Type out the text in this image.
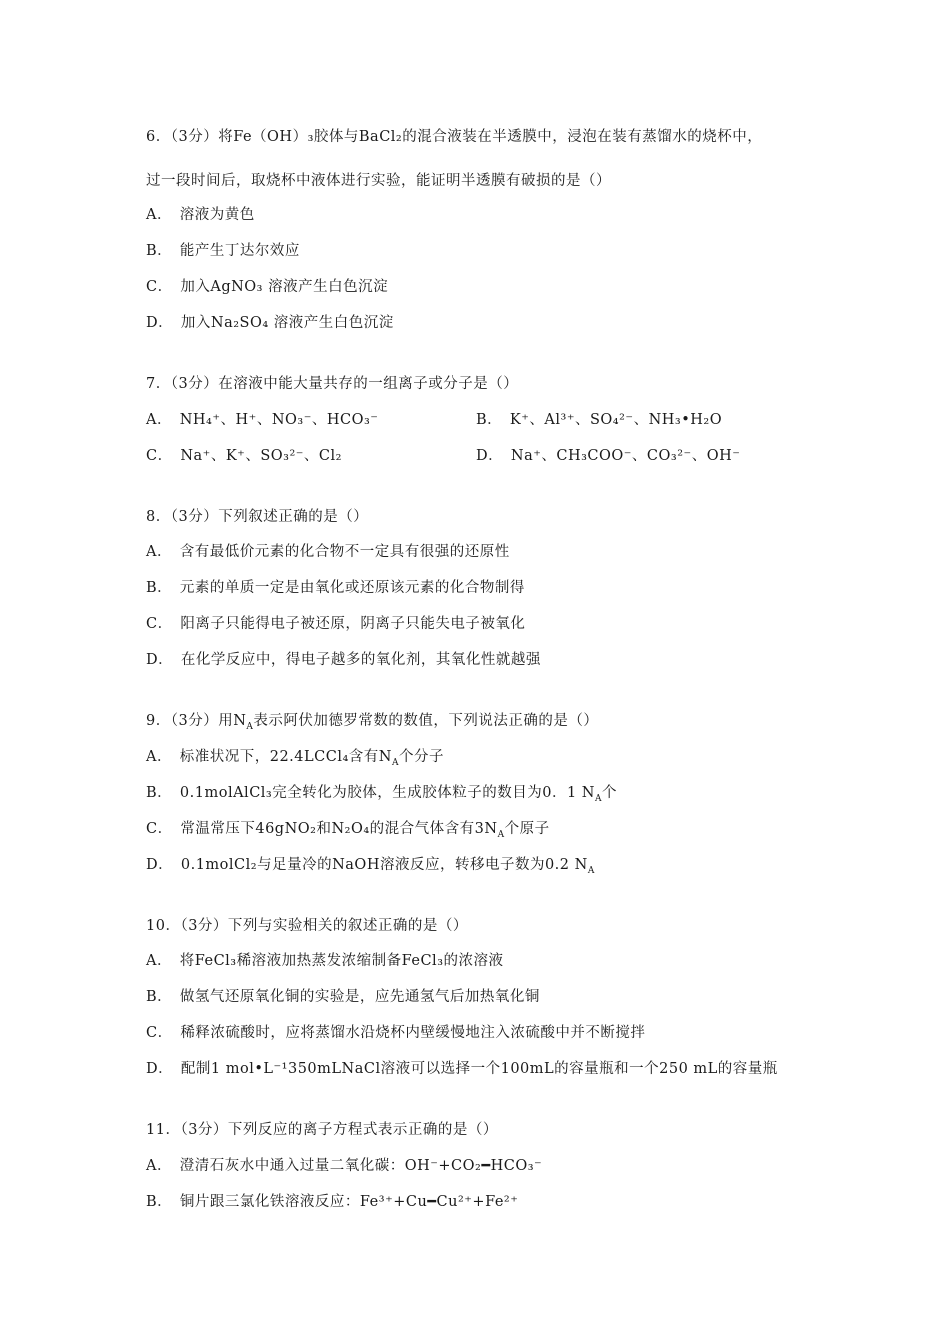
6．（3分）将Fe（OH）₃胶体与BaCl₂的混合液装在半透膜中，浸泡在装有蒸馏水的烧杯中，
过一段时间后，取烧杯中液体进行实验，能证明半透膜有破损的是（）
A．　溶液为黄色
B．　能产生丁达尔效应
C．　加入AgNO₃ 溶液产生白色沉淀
D．　加入Na₂SO₄ 溶液产生白色沉淀
7．（3分）在溶液中能大量共存的一组离子或分子是（）
A．　NH₄⁺、H⁺、NO₃⁻、HCO₃⁻	B．　K⁺、Al³⁺、SO₄²⁻、NH₃•H₂O
C．　Na⁺、K⁺、SO₃²⁻、Cl₂	D．　Na⁺、CH₃COO⁻、CO₃²⁻、OH⁻
8．（3分）下列叙述正确的是（）
A．　含有最低价元素的化合物不一定具有很强的还原性
B．　元素的单质一定是由氧化或还原该元素的化合物制得
C．　阳离子只能得电子被还原，阴离子只能失电子被氧化
D．　在化学反应中，得电子越多的氧化剂，其氧化性就越强
9．（3分）用$N_A$表示阿伏加德罗常数的数值，下列说法正确的是（）
A．　标准状况下，22.4LCCl₄含有$N_A$个分子
B．　0.1molAlCl₃完全转化为胶体，生成胶体粒子的数目为0．1 $N_A$个
C．　常温常压下46gNO₂和N₂O₄的混合气体含有$3N_A$个原子
D．　0.1molCl₂与足量冷的NaOH溶液反应，转移电子数为0.2 $N_A$
10．（3分）下列与实验相关的叙述正确的是（）
A．　将FeCl₃稀溶液加热蒸发浓缩制备FeCl₃的浓溶液
B．　做氢气还原氧化铜的实验是，应先通氢气后加热氧化铜
C．　稀释浓硫酸时，应将蒸馏水沿烧杯内壁缓慢地注入浓硫酸中并不断搅拌
D．　配制1 mol•L⁻¹350mLNaCl溶液可以选择一个100mL的容量瓶和一个250 mL的容量瓶
11．（3分）下列反应的离子方程式表示正确的是（）
A．　澄清石灰水中通入过量二氧化碳：OH⁻+CO₂━HCO₃⁻
B．　铜片跟三氯化铁溶液反应：Fe³⁺+Cu━Cu²⁺+Fe²⁺
